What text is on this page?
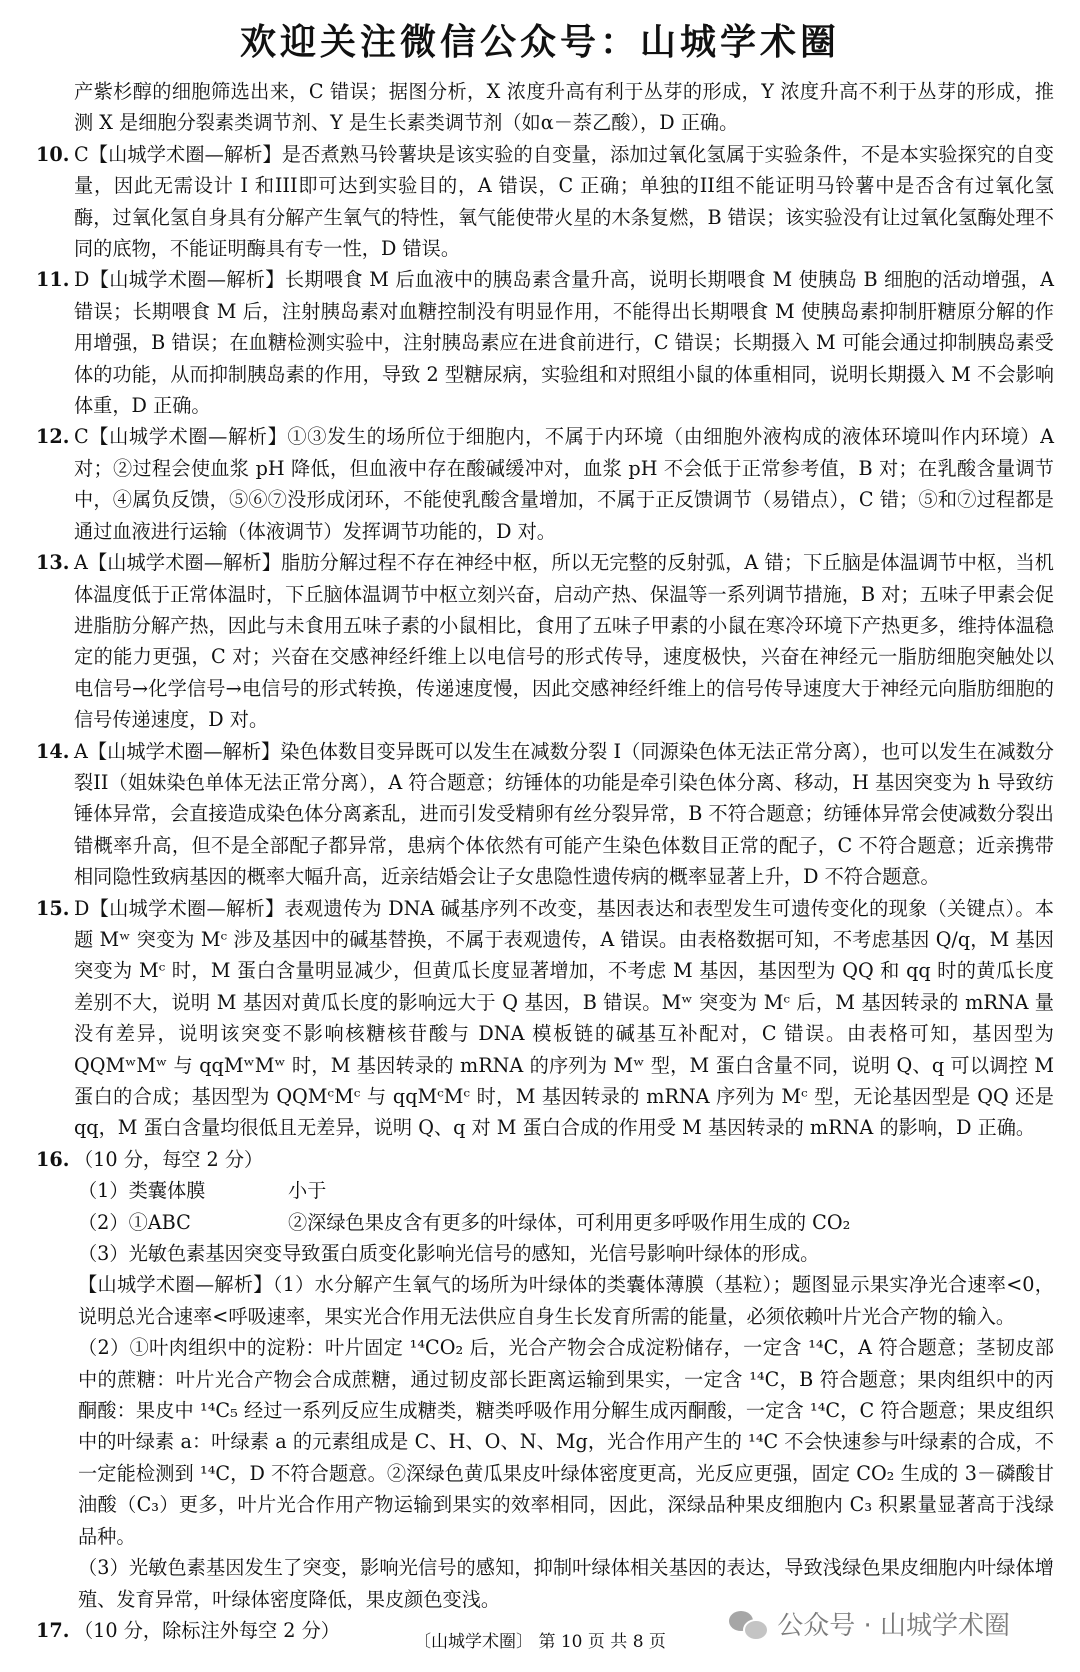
欢迎关注微信公众号：山城学术圈

产紫杉醇的细胞筛选出来，C 错误；据图分析，X 浓度升高有利于丛芽的形成，Y 浓度升高不利于丛芽的形成，推测 X 是细胞分裂素类调节剂、Y 是生长素类调节剂（如α－萘乙酸），D 正确。

10. C【山城学术圈—解析】是否煮熟马铃薯块是该实验的自变量，添加过氧化氢属于实验条件，不是本实验探究的自变量，因此无需设计 I 和III即可达到实验目的，A 错误，C 正确；单独的II组不能证明马铃薯中是否含有过氧化氢酶，过氧化氢自身具有分解产生氧气的特性，氧气能使带火星的木条复燃，B 错误；该实验没有让过氧化氢酶处理不同的底物，不能证明酶具有专一性，D 错误。
11. D【山城学术圈—解析】长期喂食 M 后血液中的胰岛素含量升高，说明长期喂食 M 使胰岛 B 细胞的活动增强，A 错误；长期喂食 M 后，注射胰岛素对血糖控制没有明显作用，不能得出长期喂食 M 使胰岛素抑制肝糖原分解的作用增强，B 错误；在血糖检测实验中，注射胰岛素应在进食前进行，C 错误；长期摄入 M 可能会通过抑制胰岛素受体的功能，从而抑制胰岛素的作用，导致 2 型糖尿病，实验组和对照组小鼠的体重相同，说明长期摄入 M 不会影响体重，D 正确。
12. C【山城学术圈—解析】①③发生的场所位于细胞内，不属于内环境（由细胞外液构成的液体环境叫作内环境）A 对；②过程会使血浆 pH 降低，但血液中存在酸碱缓冲对，血浆 pH 不会低于正常参考值，B 对；在乳酸含量调节中，④属负反馈，⑤⑥⑦没形成闭环，不能使乳酸含量增加，不属于正反馈调节（易错点），C 错；⑤和⑦过程都是通过血液进行运输（体液调节）发挥调节功能的，D 对。
13. A【山城学术圈—解析】脂肪分解过程不存在神经中枢，所以无完整的反射弧，A 错；下丘脑是体温调节中枢，当机体温度低于正常体温时，下丘脑体温调节中枢立刻兴奋，启动产热、保温等一系列调节措施，B 对；五味子甲素会促进脂肪分解产热，因此与未食用五味子素的小鼠相比，食用了五味子甲素的小鼠在寒冷环境下产热更多，维持体温稳定的能力更强，C 对；兴奋在交感神经纤维上以电信号的形式传导，速度极快，兴奋在神经元一脂肪细胞突触处以电信号→化学信号→电信号的形式转换，传递速度慢，因此交感神经纤维上的信号传导速度大于神经元向脂肪细胞的信号传递速度，D 对。
14. A【山城学术圈—解析】染色体数目变异既可以发生在减数分裂 I（同源染色体无法正常分离），也可以发生在减数分裂II（姐妹染色单体无法正常分离），A 符合题意；纺锤体的功能是牵引染色体分离、移动，H 基因突变为 h 导致纺锤体异常，会直接造成染色体分离紊乱，进而引发受精卵有丝分裂异常，B 不符合题意；纺锤体异常会使减数分裂出错概率升高，但不是全部配子都异常，患病个体依然有可能产生染色体数目正常的配子，C 不符合题意；近亲携带相同隐性致病基因的概率大幅升高，近亲结婚会让子女患隐性遗传病的概率显著上升，D 不符合题意。
15. D【山城学术圈—解析】表观遗传为 DNA 碱基序列不改变，基因表达和表型发生可遗传变化的现象（关键点）。本题 Mʷ 突变为 Mᶜ 涉及基因中的碱基替换，不属于表观遗传，A 错误。由表格数据可知，不考虑基因 Q/q，M 基因突变为 Mᶜ 时，M 蛋白含量明显减少，但黄瓜长度显著增加，不考虑 M 基因，基因型为 QQ 和 qq 时的黄瓜长度差别不大，说明 M 基因对黄瓜长度的影响远大于 Q 基因，B 错误。Mʷ 突变为 Mᶜ 后，M 基因转录的 mRNA 量没有差异，说明该突变不影响核糖核苷酸与 DNA 模板链的碱基互补配对，C 错误。由表格可知，基因型为 QQMʷMʷ 与 qqMʷMʷ 时，M 基因转录的 mRNA 的序列为 Mʷ 型，M 蛋白含量不同，说明 Q、q 可以调控 M 蛋白的合成；基因型为 QQMᶜMᶜ 与 qqMᶜMᶜ 时，M 基因转录的 mRNA 序列为 Mᶜ 型，无论基因型是 QQ 还是 qq，M 蛋白含量均很低且无差异，说明 Q、q 对 M 蛋白合成的作用受 M 基因转录的 mRNA 的影响，D 正确。
16. （10 分，每空 2 分）
（1）类囊体膜	小于
（2）①ABC	②深绿色果皮含有更多的叶绿体，可利用更多呼吸作用生成的 CO₂
（3）光敏色素基因突变导致蛋白质变化影响光信号的感知，光信号影响叶绿体的形成。
【山城学术圈—解析】（1）水分解产生氧气的场所为叶绿体的类囊体薄膜（基粒）；题图显示果实净光合速率<0，说明总光合速率<呼吸速率，果实光合作用无法供应自身生长发育所需的能量，必须依赖叶片光合产物的输入。
（2）①叶肉组织中的淀粉：叶片固定 ¹⁴CO₂ 后，光合产物会合成淀粉储存，一定含 ¹⁴C，A 符合题意；茎韧皮部中的蔗糖：叶片光合产物会合成蔗糖，通过韧皮部长距离运输到果实，一定含 ¹⁴C，B 符合题意；果肉组织中的丙酮酸：果皮中 ¹⁴C₅ 经过一系列反应生成糖类，糖类呼吸作用分解生成丙酮酸，一定含 ¹⁴C，C 符合题意；果皮组织中的叶绿素 a：叶绿素 a 的元素组成是 C、H、O、N、Mg，光合作用产生的 ¹⁴C 不会快速参与叶绿素的合成，不一定能检测到 ¹⁴C，D 不符合题意。②深绿色黄瓜果皮叶绿体密度更高，光反应更强，固定 CO₂ 生成的 3－磷酸甘油酸（C₃）更多，叶片光合作用产物运输到果实的效率相同，因此，深绿品种果皮细胞内 C₃ 积累量显著高于浅绿品种。
（3）光敏色素基因发生了突变，影响光信号的感知，抑制叶绿体相关基因的表达，导致浅绿色果皮细胞内叶绿体增殖、发育异常，叶绿体密度降低，果皮颜色变浅。
17. （10 分，除标注外每空 2 分）	公众号 · 山城学术圈
〔山城学术圈〕 第 10 页 共 8 页
